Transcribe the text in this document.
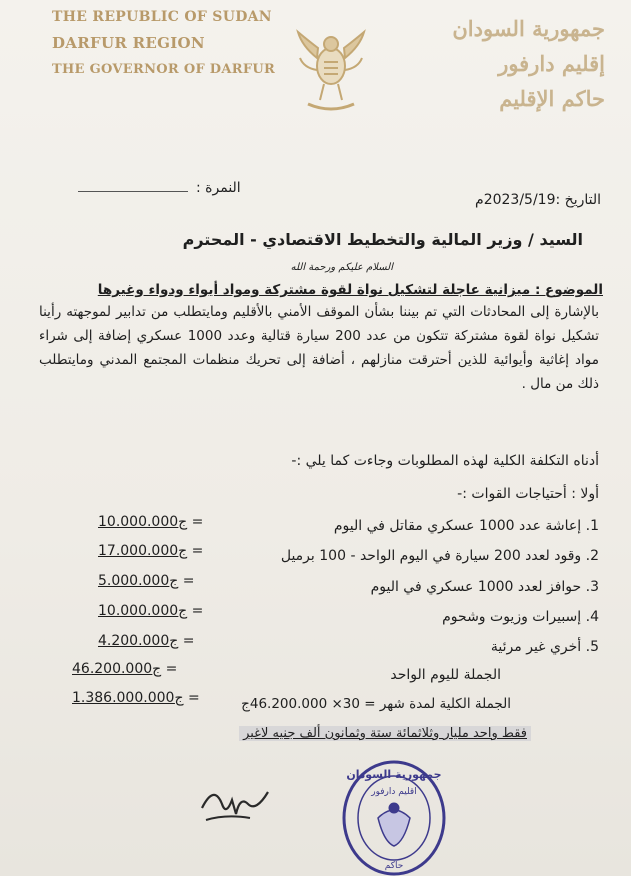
THE REPUBLIC OF SUDAN
DARFUR REGION
THE GOVERNOR OF DARFUR
جمهورية السودان
إقليم دارفور
حاكم الإقليم
التاريخ :2023/5/19م
النمرة :
السيد / وزير المالية والتخطيط الاقتصادي - المحترم
السلام عليكم ورحمة الله
الموضوع : ميزانية عاجلة لتشكيل نواة لقوة مشتركة ومواد أيواء ودواء وغيرها
بالإشارة إلى المحادثات التي تم بيننا بشأن الموقف الأمني بالأقليم ومايتطلب من تدابير لموجهته رأينا تشكيل نواة لقوة مشتركة تتكون من عدد 200 سيارة قتالية وعدد 1000 عسكري إضافة إلى شراء مواد إغاثية وأيوائية للذين أحترقت منازلهم ، أضافة إلى تحريك منظمات المجتمع المدني ومايتطلب ذلك من مال .
أدناه التكلفة الكلية لهذه المطلوبات وجاءت كما يلي :-
أولا : أحتياجات القوات :-
1. إعاشة عدد 1000 عسكري مقاتل في اليوم
10.000.000ج =
2. وقود لعدد 200 سيارة في اليوم الواحد - 100 برميل
17.000.000ج =
3. حوافز لعدد 1000 عسكري في اليوم
5.000.000ج =
4. إسبيرات وزيوت وشحوم
10.000.000ج =
5. أخري غير مرئية
4.200.000ج =
الجملة لليوم الواحد
46.200.000ج =
الجملة الكلية لمدة شهر = 30× 46.200.000ج
1.386.000.000ج =
فقط واحد مليار وثلاثمائة ستة وثمانون ألف جنيه لاغير
جمهورية السودان
اقليم دارفور
حاكم
